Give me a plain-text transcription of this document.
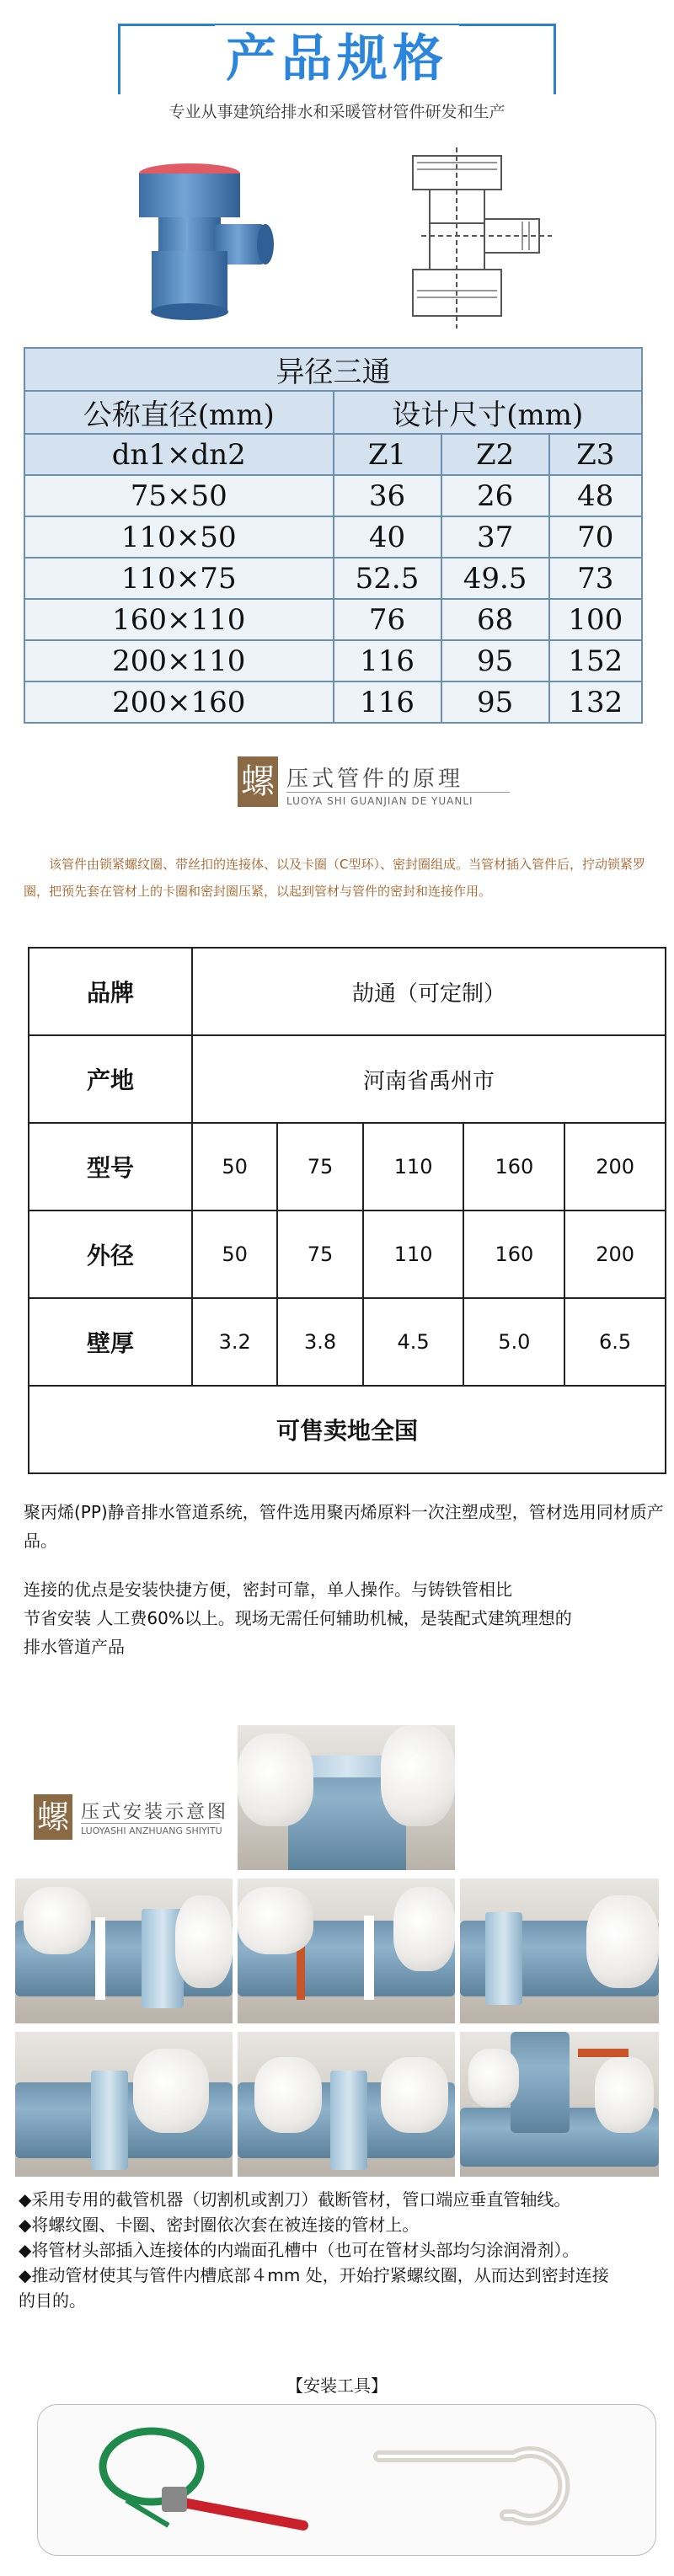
产品规格
专业从事建筑给排水和采暖管材管件研发和生产
异径三通			
公称直径(mm)	设计尺寸(mm)		
dn1×dn2	Z1	Z2	Z3
75×50	36	26	48
110×50	40	37	70
110×75	52.5	49.5	73
160×110	76	68	100
200×110	116	95	152
200×160	116	95	132
螺 压式管件的原理
LUOYA SHI GUANJIAN DE YUANLI
该管件由锁紧螺纹圈、带丝扣的连接体、以及卡圈（C型环）、密封圈组成。当管材插入管件后，拧动锁紧罗圈，把预先套在管材上的卡圈和密封圈压紧，以起到管材与管件的密封和连接作用。
品牌	劼通（可定制）				
产地	河南省禹州市				
型号	50	75	110	160	200
外径	50	75	110	160	200
壁厚	3.2	3.8	4.5	5.0	6.5
可售卖地全国					
聚丙烯(PP)静音排水管道系统，管件选用聚丙烯原料一次注塑成型，管材选用同材质产品。
连接的优点是安装快捷方便，密封可靠，单人操作。与铸铁管相比
节省安装 人工费60%以上。现场无需任何辅助机械，是装配式建筑理想的
排水管道产品
螺 压式安装示意图
LUOYASHI ANZHUANG SHIYITU
◆采用专用的截管机器（切割机或割刀）截断管材，管口端应垂直管轴线。
◆将螺纹圈、卡圈、密封圈依次套在被连接的管材上。
◆将管材头部插入连接体的内端面孔槽中（也可在管材头部均匀涂润滑剂）。
◆推动管材使其与管件内槽底部４mm 处，开始拧紧螺纹圈，从而达到密封连接
的目的。
【安装工具】
